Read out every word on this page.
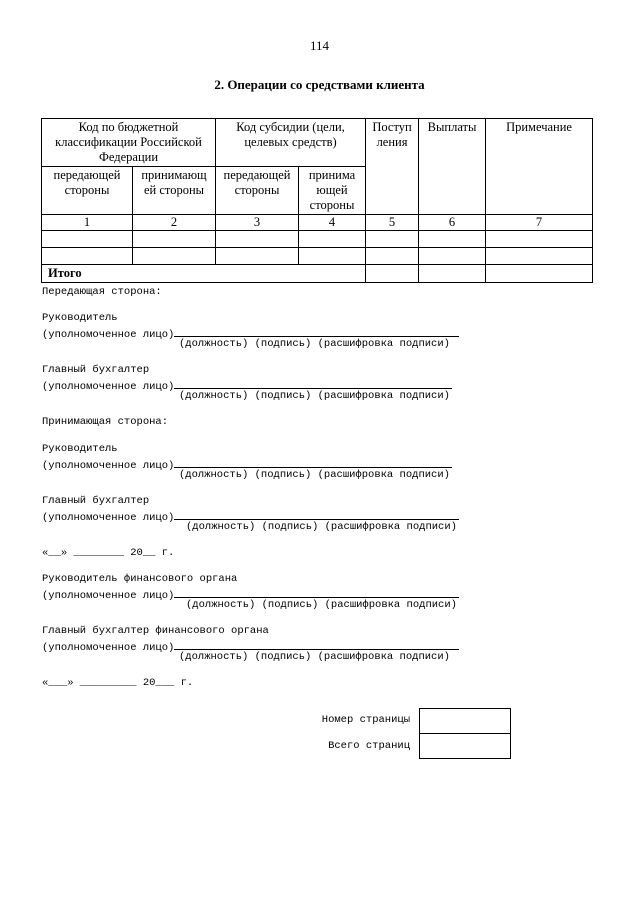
114
2. Операции со средствами клиента
Код по бюджетной классификации Российской Федерации		Код субсидии (цели, целевых средств)		Поступ ления	Выплаты	Примечание
передающей стороны	принимающ ей стороны	передающей стороны	принима ющей стороны			
1	2	3	4	5	6	7

Итого						
Передающая сторона:
Руководитель
(уполномоченное лицо)
(должность) (подпись) (расшифровка подписи)
Главный бухгалтер
(уполномоченное лицо)
(должность) (подпись) (расшифровка подписи)
Принимающая сторона:
Руководитель
(уполномоченное лицо)
(должность) (подпись) (расшифровка подписи)
Главный бухгалтер
(уполномоченное лицо)
(должность) (подпись) (расшифровка подписи)
«__» ________ 20__ г.
Руководитель финансового органа
(уполномоченное лицо)
(должность) (подпись) (расшифровка подписи)
Главный бухгалтер финансового органа
(уполномоченное лицо)
(должность) (подпись) (расшифровка подписи)
«___» _________ 20___ г.
Номер страницы
Всего страниц
